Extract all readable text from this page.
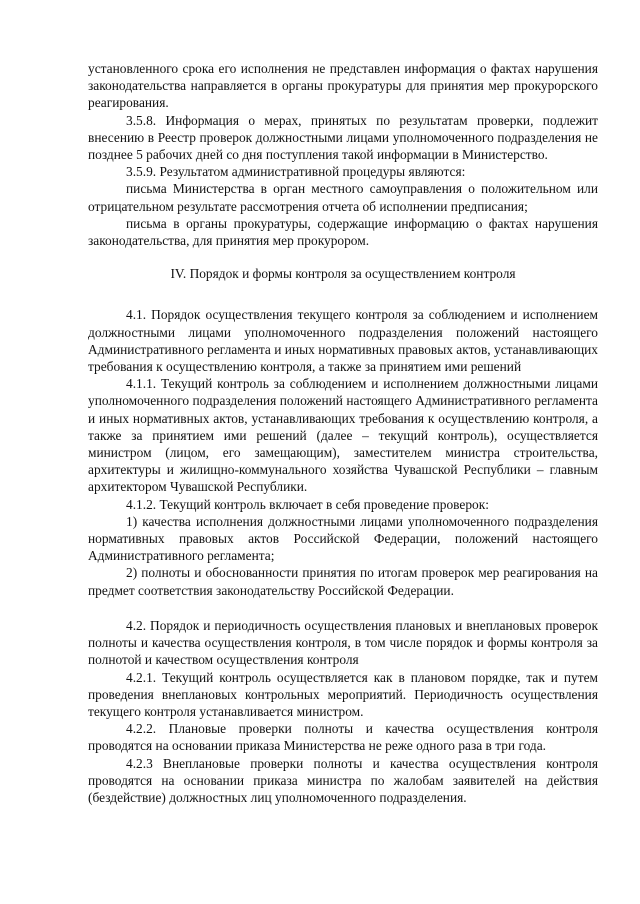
установленного срока его исполнения не представлен информация о фактах нарушения законодательства направляется в органы прокуратуры для принятия мер прокурорского реагирования.

3.5.8. Информация о мерах, принятых по результатам проверки, подлежит внесению в Реестр проверок должностными лицами уполномоченного подразделения не позднее 5 рабочих дней со дня поступления такой информации в Министерство.

3.5.9. Результатом административной процедуры являются:

письма Министерства в орган местного самоуправления о положительном или отрицательном результате рассмотрения отчета об исполнении предписания;

письма в органы прокуратуры, содержащие информацию о фактах нарушения законодательства, для принятия мер прокурором.

IV. Порядок и формы контроля за осуществлением контроля

4.1. Порядок осуществления текущего контроля за соблюдением и исполнением должностными лицами уполномоченного подразделения положений настоящего Административного регламента и иных нормативных правовых актов, устанавливающих требования к осуществлению контроля, а также за принятием ими решений

4.1.1. Текущий контроль за соблюдением и исполнением должностными лицами уполномоченного подразделения положений настоящего Административного регламента и иных нормативных актов, устанавливающих требования к осуществлению контроля, а также за принятием ими решений (далее – текущий контроль), осуществляется министром (лицом, его замещающим), заместителем министра строительства, архитектуры и жилищно-коммунального хозяйства Чувашской Республики – главным архитектором Чувашской Республики.

4.1.2. Текущий контроль включает в себя проведение проверок:

1) качества исполнения должностными лицами уполномоченного подразделения нормативных правовых актов Российской Федерации, положений настоящего Административного регламента;

2) полноты и обоснованности принятия по итогам проверок мер реагирования на предмет соответствия законодательству Российской Федерации.

4.2. Порядок и периодичность осуществления плановых и внеплановых проверок полноты и качества осуществления контроля, в том числе порядок и формы контроля за полнотой и качеством осуществления контроля

4.2.1. Текущий контроль осуществляется как в плановом порядке, так и путем проведения внеплановых контрольных мероприятий. Периодичность осуществления текущего контроля устанавливается министром.

4.2.2. Плановые проверки полноты и качества осуществления контроля проводятся на основании приказа Министерства не реже одного раза в три года.

4.2.3 Внеплановые проверки полноты и качества осуществления контроля проводятся на основании приказа министра по жалобам заявителей на действия (бездействие) должностных лиц уполномоченного подразделения.
